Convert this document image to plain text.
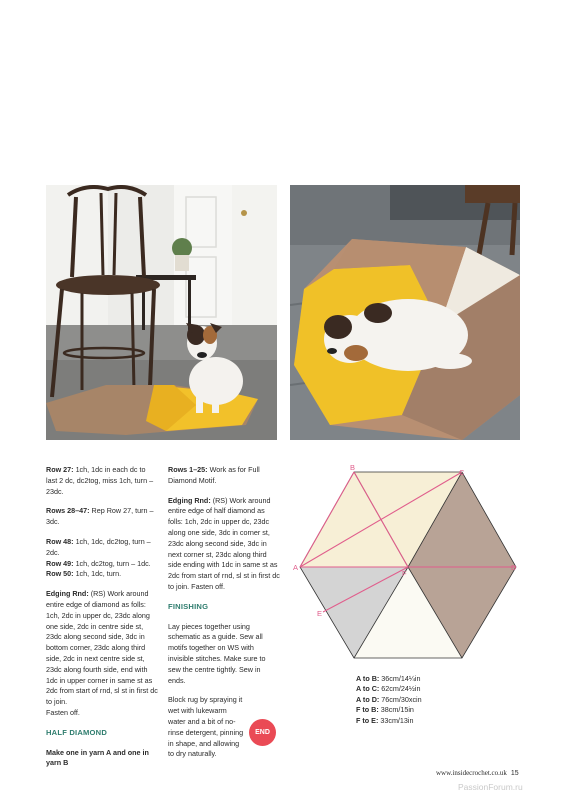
Row 27: 1ch, 1dc in each dc to last 2 dc, dc2tog, miss 1ch, turn – 23dc.

Rows 28–47: Rep Row 27, turn – 3dc.

Row 48: 1ch, 1dc, dc2tog, turn – 2dc.

Row 49: 1ch, dc2tog, turn – 1dc.

Row 50: 1ch, 1dc, turn.

Edging Rnd: (RS) Work around entire edge of diamond as folls: 1ch, 2dc in upper dc, 23dc along one side, 2dc in centre side st, 23dc along second side, 3dc in bottom corner, 23dc along third side, 2dc in next centre side st, 23dc along fourth side, end with 1dc in upper corner in same st as 2dc from start of rnd, sl st in first dc to join.
Fasten off.

HALF DIAMOND

Make one in yarn A and one in yarn B

Rows 1–25: Work as for Full Diamond Motif.

Edging Rnd: (RS) Work around entire edge of half diamond as folls: 1ch, 2dc in upper dc, 23dc along one side, 3dc in corner st, 23dc along second side, 3dc in next corner st, 23dc along third side ending with 1dc in same st as 2dc from start of rnd, sl st in first dc to join. Fasten off.

FINISHING

Lay pieces together using schematic as a guide. Sew all motifs together on WS with invisible stitches. Make sure to sew the centre tightly. Sew in ends.

Block rug by spraying it wet with lukewarm water and a bit of no-rinse detergent, pinning in shape, and allowing to dry naturally.

END
A
B
C
D
E
F
A to B: 36cm/14¼in
A to C: 62cm/24½in
A to D: 76cm/30xcin
F to B: 38cm/15in
F to E: 33cm/13in
www.insidecrochet.co.uk 15
PassionForum.ru
